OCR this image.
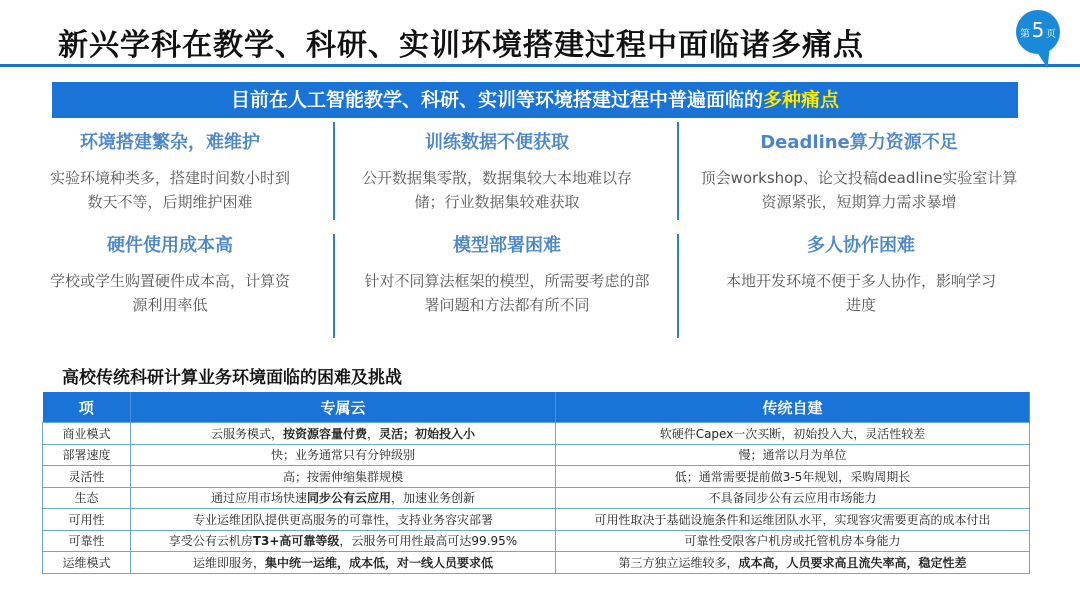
新兴学科在教学、科研、实训环境搭建过程中面临诸多痛点	第 5 页
目前在人工智能教学、科研、实训等环境搭建过程中普遍面临的多种痛点
环境搭建繁杂，难维护
实验环境种类多，搭建时间数小时到数天不等，后期维护困难
训练数据不便获取
公开数据集零散，数据集较大本地难以存储；行业数据集较难获取
Deadline算力资源不足
顶会workshop、论文投稿deadline实验室计算资源紧张，短期算力需求暴增
硬件使用成本高
学校或学生购置硬件成本高，计算资源利用率低
模型部署困难
针对不同算法框架的模型，所需要考虑的部署问题和方法都有所不同
多人协作困难
本地开发环境不便于多人协作，影响学习进度
高校传统科研计算业务环境面临的困难及挑战
项	专属云	传统自建
商业模式	云服务模式，按资源容量付费，灵活；初始投入小	软硬件Capex一次买断，初始投入大，灵活性较差
部署速度	快；业务通常只有分钟级别	慢；通常以月为单位
灵活性	高；按需伸缩集群规模	低；通常需要提前做3-5年规划，采购周期长
生态	通过应用市场快速同步公有云应用，加速业务创新	不具备同步公有云应用市场能力
可用性	专业运维团队提供更高服务的可靠性，支持业务容灾部署	可用性取决于基础设施条件和运维团队水平，实现容灾需要更高的成本付出
可靠性	享受公有云机房T3+高可靠等级，云服务可用性最高可达99.95%	可靠性受限客户机房或托管机房本身能力
运维模式	运维即服务，集中统一运维，成本低，对一线人员要求低	第三方独立运维较多，成本高，人员要求高且流失率高，稳定性差
